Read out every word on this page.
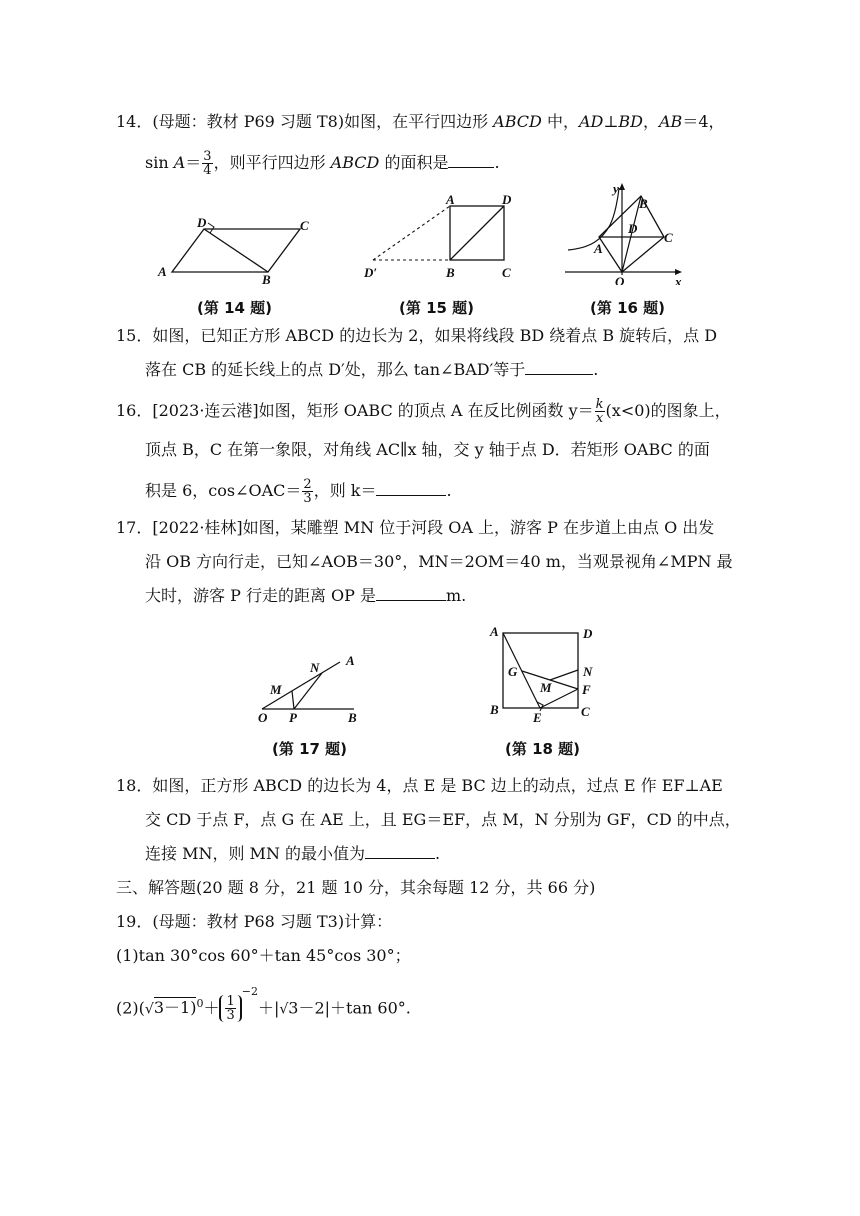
14．(母题：教材 P69 习题 T8)如图，在平行四边形 ABCD 中，AD⊥BD，AB＝4，
$\sin A= \frac{3}{4}$ ，则平行四边形 ABCD 的面积是	.
A
D	C
B
(第 14 题)
A	D
B	C
D′
(第 15 题)
y
x
B
D
C
A
O
(第 16 题)
15．如图，已知正方形 ABCD 的边长为 2，如果将线段 BD 绕着点 B 旋转后，点 D
落在 CB 的延长线上的点 D′处，那么 tan∠BAD′等于	.
16．[2023·连云港]如图，矩形 OABC 的顶点 A 在反比例函数 $y= \frac{k}{x} (x<0)$的图象上，
顶点 B，C 在第一象限，对角线 AC∥x 轴，交 y 轴于点 D．若矩形 OABC 的面
积是 6，cos∠OAC＝ $\frac{2}{3}$ ，则 k＝	.
17．[2022·桂林]如图，某雕塑 MN 位于河段 OA 上，游客 P 在步道上由点 O 出发
沿 OB 方向行走，已知∠AOB＝30°，MN＝2OM＝40 m，当观景视角∠MPN 最
大时，游客 P 行走的距离 OP 是	m.
N A
M
O P	B
(第 17 题)
A	D
G	N
M F
B
E	C
(第 18 题)
18．如图，正方形 ABCD 的边长为 4，点 E 是 BC 边上的动点，过点 E 作 EF⊥AE
交 CD 于点 F，点 G 在 AE 上，且 EG＝EF，点 M，N 分别为 GF，CD 的中点，
连接 MN，则 MN 的最小值为	.
三、解答题(20 题 8 分，21 题 10 分，其余每题 12 分，共 66 分)
19．(母题：教材 P68 习题 T3)计算：
(1)tan 30°cos 60°＋tan 45°cos 30°；
$(2)(√3-1)^0+ \frac{1}{3}$
$^{-2}$＋|√3－2|＋tan 60°.
